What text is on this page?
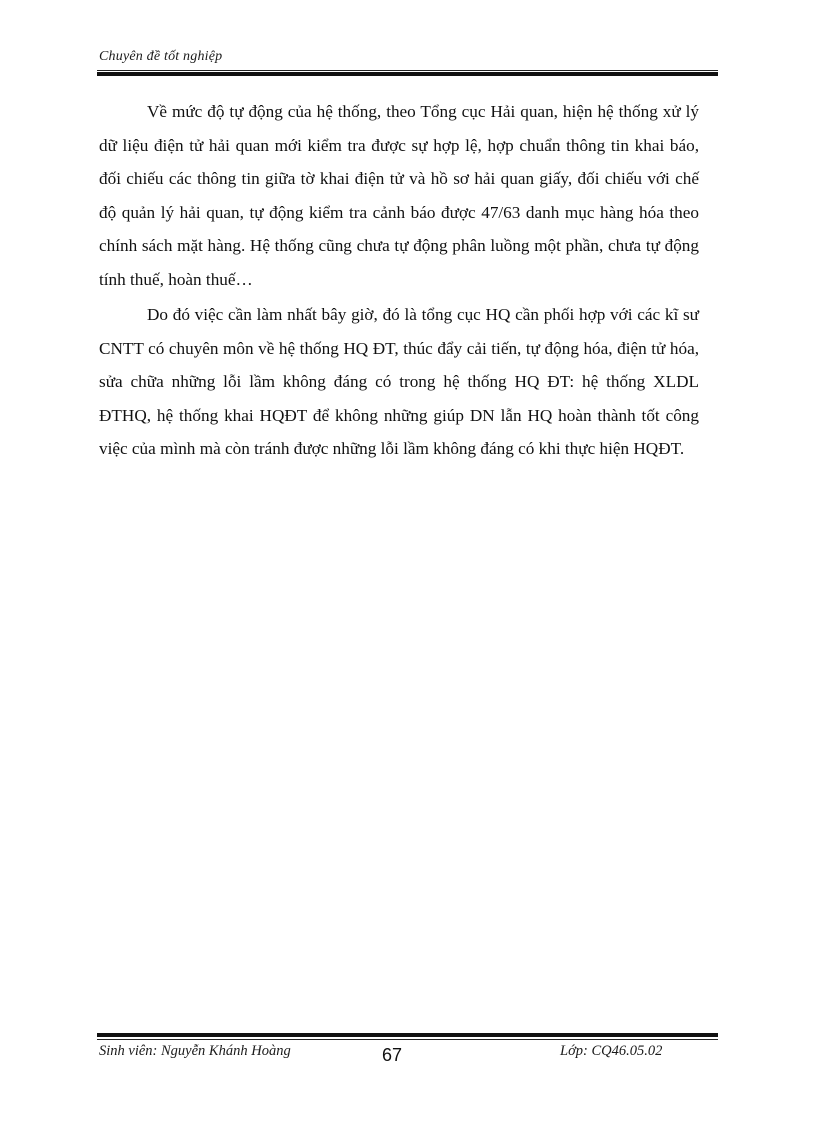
Chuyên đề tốt nghiệp

Về mức độ tự động của hệ thống, theo Tổng cục Hải quan, hiện hệ thống xử lý dữ liệu điện tử hải quan mới kiểm tra được sự hợp lệ, hợp chuẩn thông tin khai báo, đối chiếu các thông tin giữa tờ khai điện tử và hồ sơ hải quan giấy, đối chiếu với chế độ quản lý hải quan, tự động kiểm tra cảnh báo được 47/63 danh mục hàng hóa theo chính sách mặt hàng. Hệ thống cũng chưa tự động phân luồng một phần, chưa tự động tính thuế, hoàn thuế…

Do đó việc cần làm nhất bây giờ, đó là tổng cục HQ cần phối hợp với các kĩ sư CNTT có chuyên môn về hệ thống HQ ĐT, thúc đẩy cải tiến, tự động hóa, điện tử hóa, sửa chữa những lỗi lầm không đáng có trong hệ thống HQ ĐT: hệ thống XLDL ĐTHQ, hệ thống khai HQĐT để không những giúp DN lẫn HQ hoàn thành tốt công việc của mình mà còn tránh được những lỗi lầm không đáng có khi thực hiện HQĐT.

Sinh viên: Nguyễn Khánh Hoàng	67	Lớp: CQ46.05.02
